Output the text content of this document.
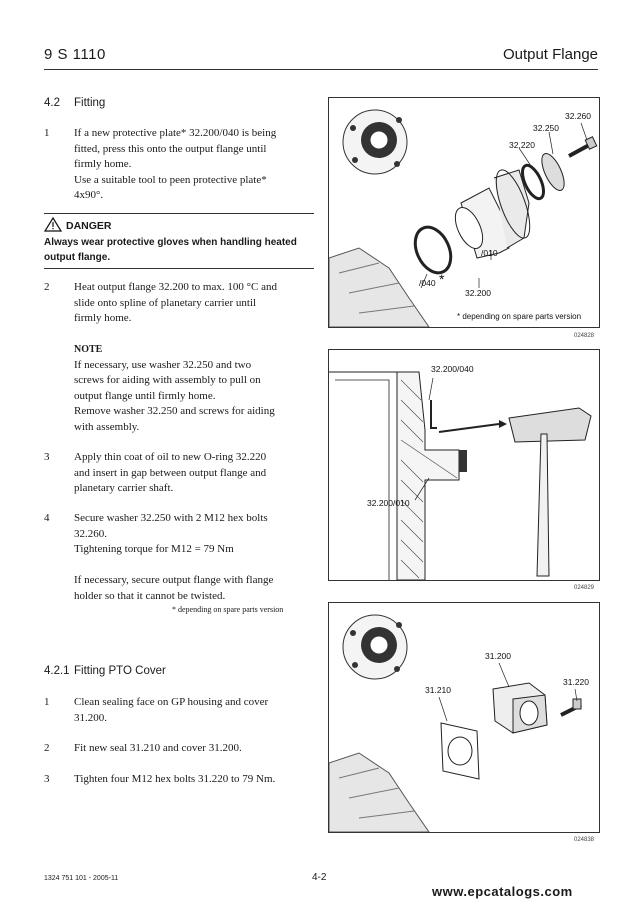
9 S 1110	Output Flange
4.2 Fitting
1 If a new protective plate* 32.200/040 is being
fitted, press this onto the output flange until
firmly home.
Use a suitable tool to peen protective plate*
4x90°.
DANGER
Always wear protective gloves when handling heated
output flange.
2 Heat output flange 32.200 to max. 100 °C and
slide onto spline of planetary carrier until
firmly home.
NOTE
If necessary, use washer 32.250 and two
screws for aiding with assembly to pull on
output flange until firmly home.
Remove washer 32.250 and screws for aiding
with assembly.
3 Apply thin coat of oil to new O-ring 32.220
and insert in gap between output flange and
planetary carrier shaft.
4 Secure washer 32.250 with 2 M12 hex bolts
32.260.
Tightening torque for M12 = 79 Nm
If necessary, secure output flange with flange
holder so that it cannot be twisted.
* depending on spare parts version
4.2.1 Fitting PTO Cover
1 Clean sealing face on GP housing and cover
31.200.
2 Fit new seal 31.210 and cover 31.200.
3 Tighten four M12 hex bolts 31.220 to 79 Nm.
32.260
32.250
32.220
/010
/040 *
32.200
* depending on spare parts version
024828
32.200/040
32.200/010
024829
31.200
31.210
31.220
024838
1324 751 101 - 2005-11	4-2
www.epcatalogs.com
